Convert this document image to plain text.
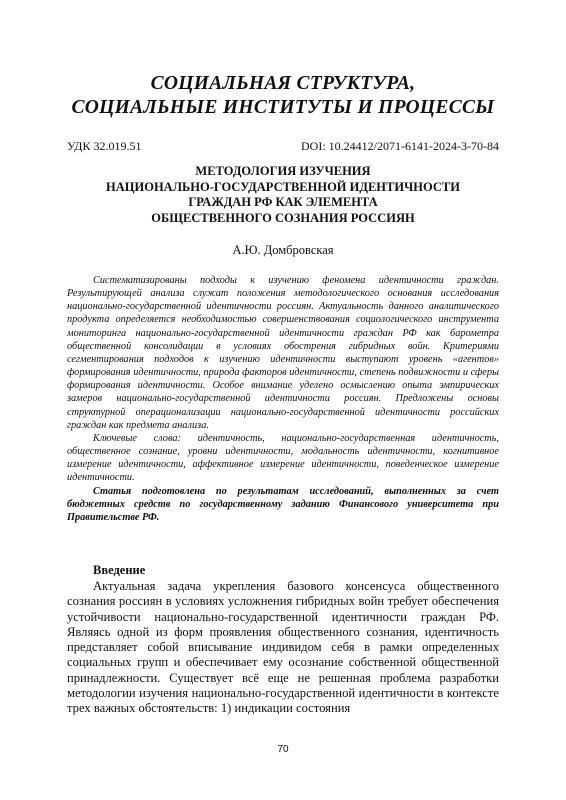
СОЦИАЛЬНАЯ СТРУКТУРА,
СОЦИАЛЬНЫЕ ИНСТИТУТЫ И ПРОЦЕССЫ
УДК 32.019.51	DOI: 10.24412/2071-6141-2024-3-70-84
МЕТОДОЛОГИЯ ИЗУЧЕНИЯ
НАЦИОНАЛЬНО-ГОСУДАРСТВЕННОЙ ИДЕНТИЧНОСТИ
ГРАЖДАН РФ КАК ЭЛЕМЕНТА
ОБЩЕСТВЕННОГО СОЗНАНИЯ РОССИЯН
А.Ю. Домбровская

Систематизированы подходы к изучению феномена идентичности граждан. Результирующей анализа служат положения методологического основания исследования национально-государственной идентичности россиян. Актуальность данного аналитического продукта определяется необходимостью совершенствования социологического инструмента мониторинга национально-государственной идентичности граждан РФ как барометра общественной консолидации в условиях обострения гибридных войн. Критериями сегментирования подходов к изучению идентичности выступают уровень «агентов» формирования идентичности, природа факторов идентичности, степень подвижности и сферы формирования идентичности. Особое внимание уделено осмыслению опыта эмпирических замеров национально-государственной идентичности россиян. Предложены основы структурной операционализации национально-государственной идентичности российских граждан как предмета анализа.

Ключевые слова: идентичность, национально-государственная идентичность, общественное сознание, уровни идентичности, модальность идентичности, когнитивное измерение идентичности, аффективное измерение идентичности, поведенческое измерение идентичности.

Статья подготовлена по результатам исследований, выполненных за счет бюджетных средств по государственному заданию Финансового университета при Правительстве РФ.

Введение

Актуальная задача укрепления базового консенсуса общественного сознания россиян в условиях усложнения гибридных войн требует обеспечения устойчивости национально-государственной идентичности граждан РФ. Являясь одной из форм проявления общественного сознания, идентичность представляет собой вписывание индивидом себя в рамки определенных социальных групп и обеспечивает ему осознание собственной общественной принадлежности. Существует всё еще не решенная проблема разработки методологии изучения национально-государственной идентичности в контексте трех важных обстоятельств: 1) индикации состояния

70
